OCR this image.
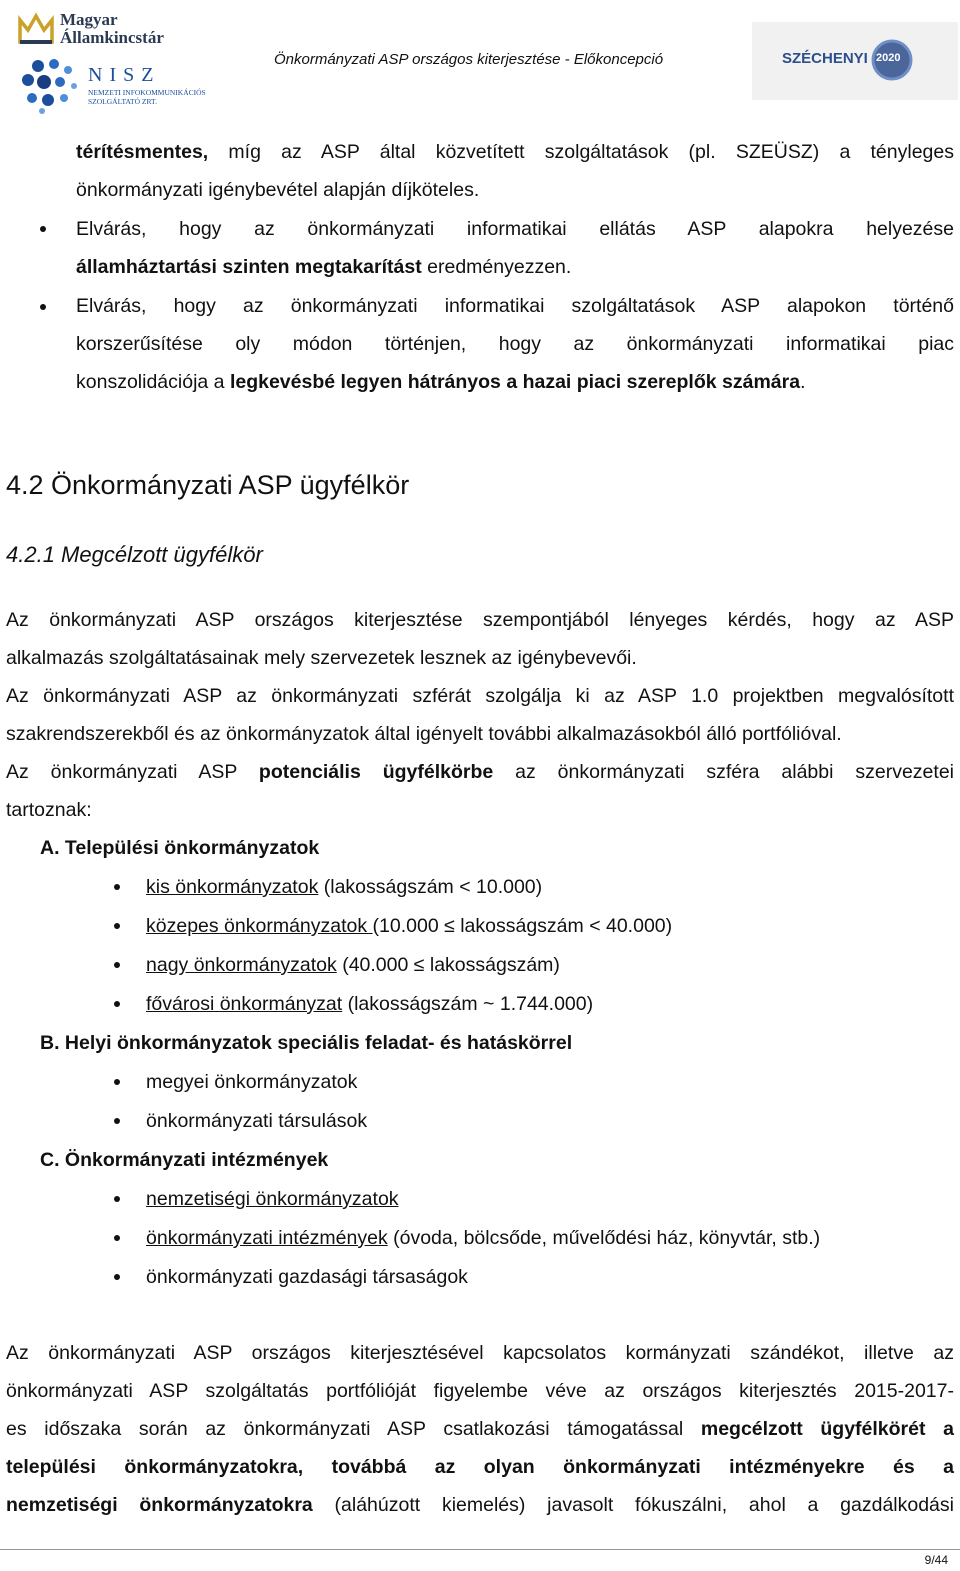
Magyar
Államkincstár
NISZ
NEMZETI INFOKOMMUNIKÁCIÓS SZOLGÁLTATÓ ZRT.
Önkormányzati ASP országos kiterjesztése - Előkoncepció	SZÉCHENYI 2020
térítésmentes, míg az ASP által közvetített szolgáltatások (pl. SZEÜSZ) a tényleges
önkormányzati igénybevétel alapján díjköteles.
Elvárás, hogy az önkormányzati informatikai ellátás ASP alapokra helyezése
államháztartási szinten megtakarítást eredményezzen.
Elvárás, hogy az önkormányzati informatikai szolgáltatások ASP alapokon történő
korszerűsítése oly módon történjen, hogy az önkormányzati informatikai piac
konszolidációja a legkevésbé legyen hátrányos a hazai piaci szereplők számára.
4.2 Önkormányzati ASP ügyfélkör
4.2.1 Megcélzott ügyfélkör
Az önkormányzati ASP országos kiterjesztése szempontjából lényeges kérdés, hogy az ASP
alkalmazás szolgáltatásainak mely szervezetek lesznek az igénybevevői.
Az önkormányzati ASP az önkormányzati szférát szolgálja ki az ASP 1.0 projektben megvalósított
szakrendszerekből és az önkormányzatok által igényelt további alkalmazásokból álló portfólióval.
Az önkormányzati ASP potenciális ügyfélkörbe az önkormányzati szféra alábbi szervezetei
tartoznak:
A. Települési önkormányzatok
kis önkormányzatok (lakosságszám < 10.000)
közepes önkormányzatok (10.000 ≤ lakosságszám < 40.000)
nagy önkormányzatok (40.000 ≤ lakosságszám)
fővárosi önkormányzat (lakosságszám ~ 1.744.000)
B. Helyi önkormányzatok speciális feladat- és hatáskörrel
megyei önkormányzatok
önkormányzati társulások
C. Önkormányzati intézmények
nemzetiségi önkormányzatok
önkormányzati intézmények (óvoda, bölcsőde, művelődési ház, könyvtár, stb.)
önkormányzati gazdasági társaságok
Az önkormányzati ASP országos kiterjesztésével kapcsolatos kormányzati szándékot, illetve az
önkormányzati ASP szolgáltatás portfólióját figyelembe véve az országos kiterjesztés 2015-2017-
es időszaka során az önkormányzati ASP csatlakozási támogatással megcélzott ügyfélkörét a
települési önkormányzatokra, továbbá az olyan önkormányzati intézményekre és a
nemzetiségi önkormányzatokra (aláhúzott kiemelés) javasolt fókuszálni, ahol a gazdálkodási
9/44
